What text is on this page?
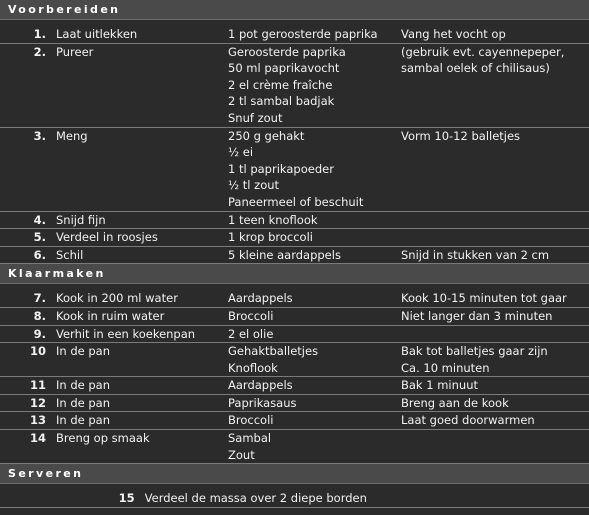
Voorbereiden
1.	Laat uitlekken	1 pot geroosterde paprika	Vang het vocht op

2.	Pureer	Geroosterde paprika
50 ml paprikavocht
2 el crème fraîche
2 tl sambal badjak
Snuf zout	(gebruik evt. cayennepeper,
sambal oelek of chilisaus)

3.	Meng	250 g gehakt
½ ei
1 tl paprikapoeder
½ tl zout
Paneermeel of beschuit	Vorm 10-12 balletjes

4.	Snijd fijn	1 teen knoflook	

5.	Verdeel in roosjes	1 krop broccoli	

6.	Schil	5 kleine aardappels	Snijd in stukken van 2 cm
Klaarmaken
7.	Kook in 200 ml water	Aardappels	Kook 10-15 minuten tot gaar

8.	Kook in ruim water	Broccoli	Niet langer dan 3 minuten

9.	Verhit in een koekenpan	2 el olie	

10	In de pan	Gehaktballetjes
Knoflook	Bak tot balletjes gaar zijn
Ca. 10 minuten

11	In de pan	Aardappels	Bak 1 minuut

12	In de pan	Paprikasaus	Breng aan de kook

13	In de pan	Broccoli	Laat goed doorwarmen

14	Breng op smaak	Sambal
Zout	

Serveren
15	Verdeel de massa over 2 diepe borden
